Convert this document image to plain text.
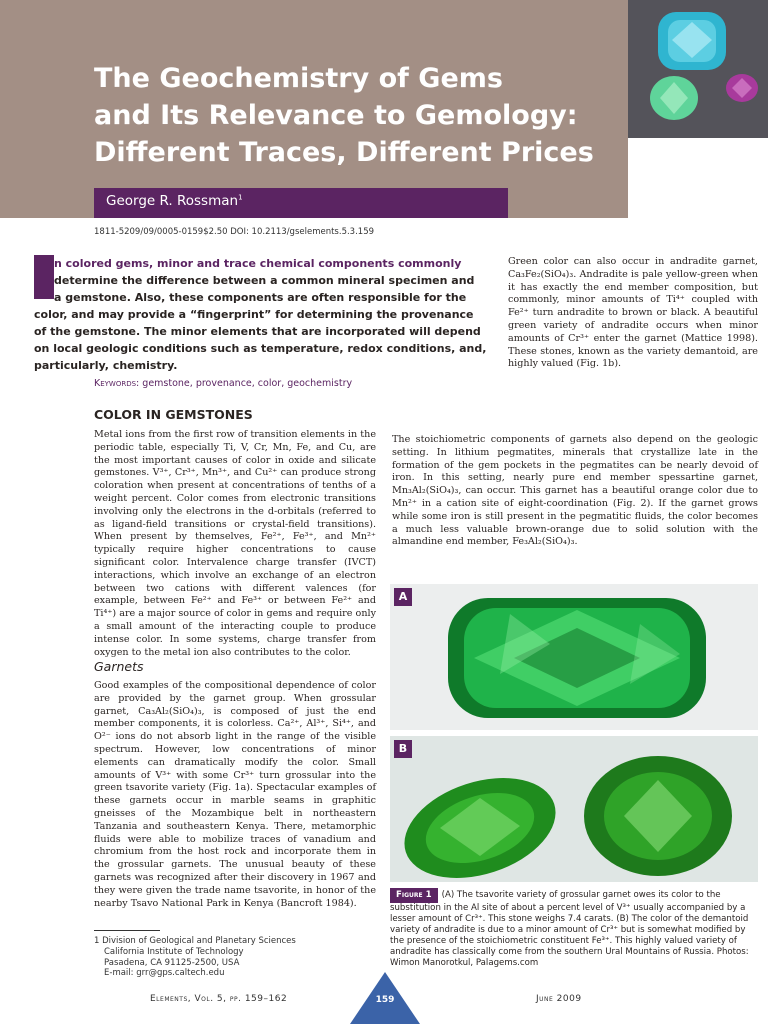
The Geochemistry of Gems
and Its Relevance to Gemology:
Different Traces, Different Prices
George R. Rossman$^1$
1811-5209/09/0005-0159$2.50 DOI: 10.2113/gselements.5.3.159
n colored gems, minor and trace chemical components commonly
determine the difference between a common mineral specimen and
a gemstone. Also, these components are often responsible for the
color, and may provide a “fingerprint” for determining the provenance
of the gemstone. The minor elements that are incorporated will depend
on local geologic conditions such as temperature, redox conditions, and,
particularly, chemistry.
Keywords: gemstone, provenance, color, geochemistry
COLOR IN GEMSTONES

Metal ions from the first row of transition elements in the periodic table, especially Ti, V, Cr, Mn, Fe, and Cu, are the most important causes of color in oxide and silicate gemstones. V³⁺, Cr³⁺, Mn³⁺, and Cu²⁺ can produce strong coloration when present at concentrations of tenths of a weight percent. Color comes from electronic transitions involving only the electrons in the d-orbitals (referred to as ligand-field transitions or crystal-field transitions). When present by themselves, Fe²⁺, Fe³⁺, and Mn²⁺ typically require higher concentrations to cause significant color. Intervalence charge transfer (IVCT) interactions, which involve an exchange of an electron between two cations with different valences (for example, between Fe²⁺ and Fe³⁺ or between Fe²⁺ and Ti⁴⁺) are a major source of color in gems and require only a small amount of the interacting couple to produce intense color. In some systems, charge transfer from oxygen to the metal ion also contributes to the color.

Garnets

Good examples of the compositional dependence of color are provided by the garnet group. When grossular garnet, Ca₃Al₂(SiO₄)₃, is composed of just the end member components, it is colorless. Ca²⁺, Al³⁺, Si⁴⁺, and O²⁻ ions do not absorb light in the range of the visible spectrum. However, low concentrations of minor elements can dramatically modify the color. Small amounts of V³⁺ with some Cr³⁺ turn grossular into the green tsavorite variety (Fig. 1a). Spectacular examples of these garnets occur in marble seams in graphitic gneisses of the Mozambique belt in northeastern Tanzania and southeastern Kenya. There, metamorphic fluids were able to mobilize traces of vanadium and chromium from the host rock and incorporate them in the grossular garnets. The unusual beauty of these garnets was recognized after their discovery in 1967 and they were given the trade name tsavorite, in honor of the nearby Tsavo National Park in Kenya (Bancroft 1984).

Green color can also occur in andradite garnet, Ca₃Fe₂(SiO₄)₃. Andradite is pale yellow-green when it has exactly the end member composition, but commonly, minor amounts of Ti⁴⁺ coupled with Fe²⁺ turn andradite to brown or black. A beautiful green variety of andradite occurs when minor amounts of Cr³⁺ enter the garnet (Mattice 1998). These stones, known as the variety demantoid, are highly valued (Fig. 1b).

The stoichiometric components of garnets also depend on the geologic setting. In lithium pegmatites, minerals that crystallize late in the formation of the gem pockets in the pegmatites can be nearly devoid of iron. In this setting, nearly pure end member spessartine garnet, Mn₃Al₂(SiO₄)₃, can occur. This garnet has a beautiful orange color due to Mn²⁺ in a cation site of eight-coordination (Fig. 2). If the garnet grows while some iron is still present in the pegmatitic fluids, the color becomes a much less valuable brown-orange due to solid solution with the almandine end member, Fe₃Al₂(SiO₄)₃.

A
B
Figure 1 (A) The tsavorite variety of grossular garnet owes its color to the substitution in the Al site of about a percent level of V³⁺ usually accompanied by a lesser amount of Cr³⁺. This stone weighs 7.4 carats. (B) The color of the demantoid variety of andradite is due to a minor amount of Cr³⁺ but is somewhat modified by the presence of the stoichiometric constituent Fe³⁺. This highly valued variety of andradite has classically come from the southern Ural Mountains of Russia. Photos: Wimon Manorotkul, Palagems.com
1 Division of Geological and Planetary Sciences
California Institute of Technology
Pasadena, CA 91125-2500, USA
E-mail: grr@gps.caltech.edu
Elements, Vol. 5, pp. 159–162	159	June 2009
